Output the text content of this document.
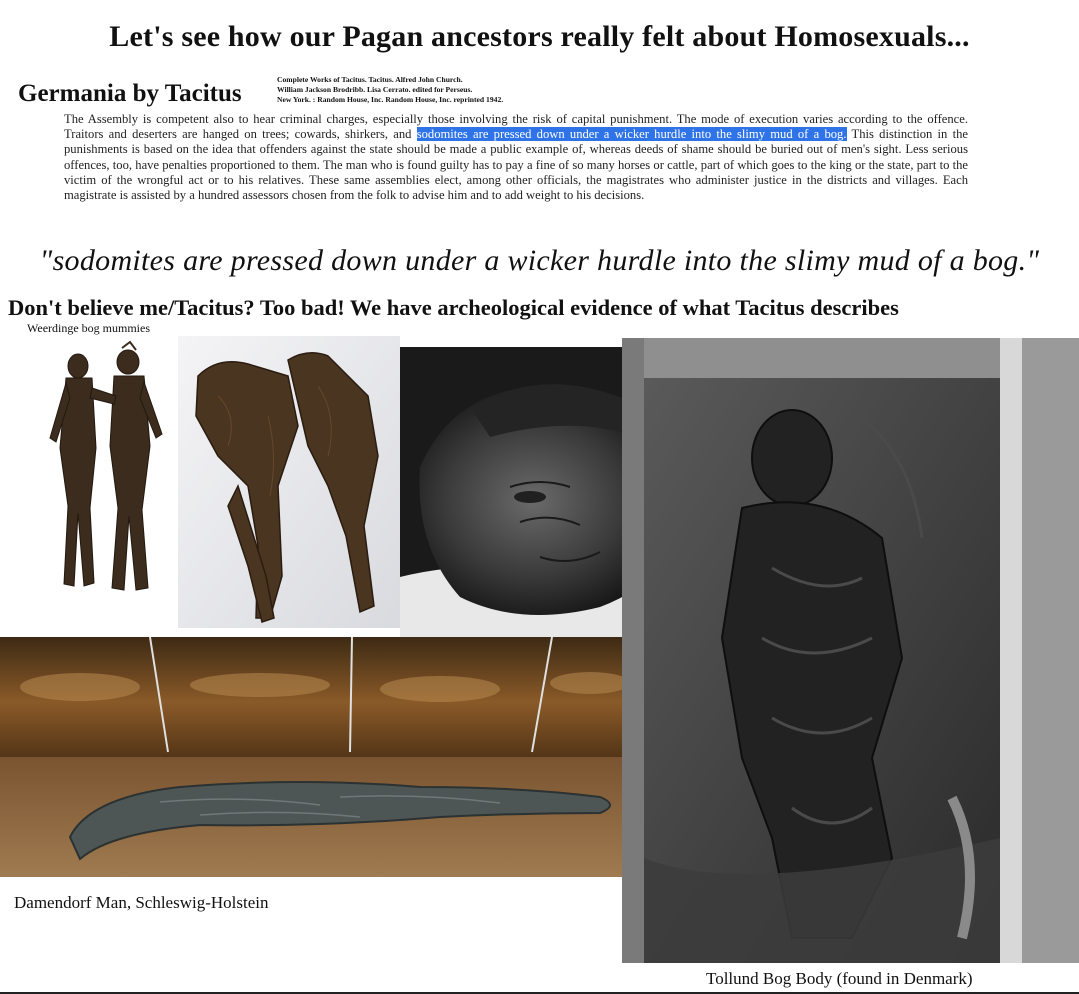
Let's see how our Pagan ancestors really felt about Homosexuals...
Germania by Tacitus
Complete Works of Tacitus. Tacitus. Alfred John Church.
William Jackson Brodribb. Lisa Cerrato. edited for Perseus.
New York. : Random House, Inc. Random House, Inc. reprinted 1942.
The Assembly is competent also to hear criminal charges, especially those involving the risk of capital punishment. The mode of execution varies according to the offence. Traitors and deserters are hanged on trees; cowards, shirkers, and sodomites are pressed down under a wicker hurdle into the slimy mud of a bog. This distinction in the punishments is based on the idea that offenders against the state should be made a public example of, whereas deeds of shame should be buried out of men's sight. Less serious offences, too, have penalties proportioned to them. The man who is found guilty has to pay a fine of so many horses or cattle, part of which goes to the king or the state, part to the victim of the wrongful act or to his relatives. These same assemblies elect, among other officials, the magistrates who administer justice in the districts and villages. Each magistrate is assisted by a hundred assessors chosen from the folk to advise him and to add weight to his decisions.
"sodomites are pressed down under a wicker hurdle into the slimy mud of a bog."
Don't believe me/Tacitus? Too bad! We have archeological evidence of what Tacitus describes
Weerdinge bog mummies
Damendorf Man, Schleswig-Holstein
Tollund Bog Body (found in Denmark)
